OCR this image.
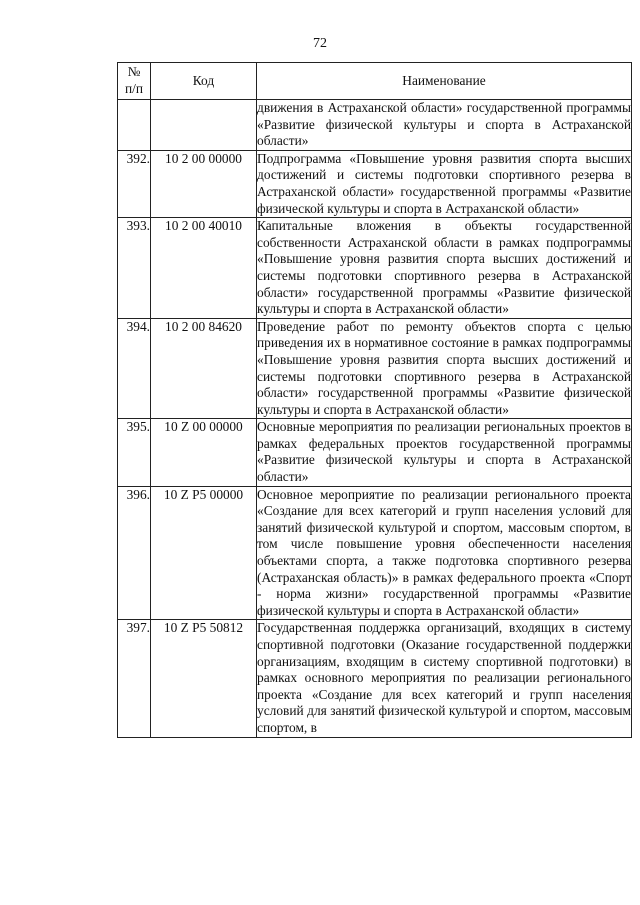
72
№
п/п	Код	Наименование
		движения в Астраханской области» государственной программы «Развитие физической культуры и спорта в Астраханской области»
392.	10 2 00 00000	Подпрограмма «Повышение уровня развития спорта высших достижений и системы подготовки спортивного резерва в Астраханской области» государственной программы «Развитие физической культуры и спорта в Астраханской области»
393.	10 2 00 40010	Капитальные вложения в объекты государственной собственности Астраханской области в рамках подпрограммы «Повышение уровня развития спорта высших достижений и системы подготовки спортивного резерва в Астраханской области» государственной программы «Развитие физической культуры и спорта в Астраханской области»
394.	10 2 00 84620	Проведение работ по ремонту объектов спорта с целью приведения их в нормативное состояние в рамках подпрограммы «Повышение уровня развития спорта высших достижений и системы подготовки спортивного резерва в Астраханской области» государственной программы «Развитие физической культуры и спорта в Астраханской области»
395.	10 Z 00 00000	Основные мероприятия по реализации региональных проектов в рамках федеральных проектов государственной программы «Развитие физической культуры и спорта в Астраханской области»
396.	10 Z P5 00000	Основное мероприятие по реализации регионального проекта «Создание для всех категорий и групп населения условий для занятий физической культурой и спортом, массовым спортом, в том числе повышение уровня обеспеченности населения объектами спорта, а также подготовка спортивного резерва (Астраханская область)» в рамках федерального проекта «Спорт - норма жизни» государственной программы «Развитие физической культуры и спорта в Астраханской области»
397.	10 Z P5 50812	Государственная поддержка организаций, входящих в систему спортивной подготовки (Оказание государственной поддержки организациям, входящим в систему спортивной подготовки) в рамках основного мероприятия по реализации регионального проекта «Создание для всех категорий и групп населения условий для занятий физической культурой и спортом, массовым спортом, в
